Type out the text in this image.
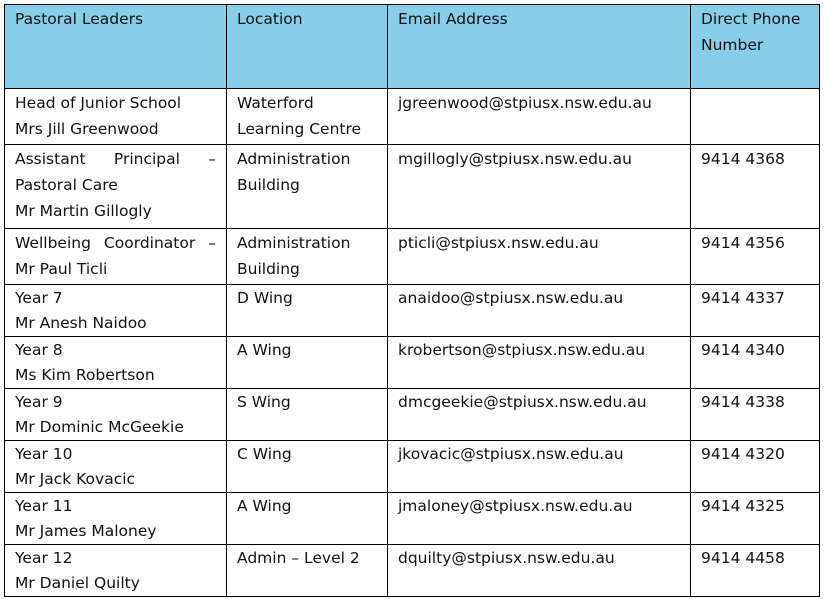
Pastoral Leaders	Location	Email Address	Direct Phone Number

Head of Junior School
Mrs Jill Greenwood	Waterford Learning Centre	jgreenwood@stpiusx.nsw.edu.au	

Assistant Principal – Pastoral Care
Mr Martin Gillogly	Administration Building	mgillogly@stpiusx.nsw.edu.au	9414 4368

Wellbeing Coordinator – Mr Paul Ticli	Administration Building	pticli@stpiusx.nsw.edu.au	9414 4356

Year 7
Mr Anesh Naidoo	D Wing	anaidoo@stpiusx.nsw.edu.au	9414 4337

Year 8
Ms Kim Robertson	A Wing	krobertson@stpiusx.nsw.edu.au	9414 4340

Year 9
Mr Dominic McGeekie	S Wing	dmcgeekie@stpiusx.nsw.edu.au	9414 4338

Year 10
Mr Jack Kovacic	C Wing	jkovacic@stpiusx.nsw.edu.au	9414 4320

Year 11
Mr James Maloney	A Wing	jmaloney@stpiusx.nsw.edu.au	9414 4325

Year 12
Mr Daniel Quilty	Admin – Level 2	dquilty@stpiusx.nsw.edu.au	9414 4458
